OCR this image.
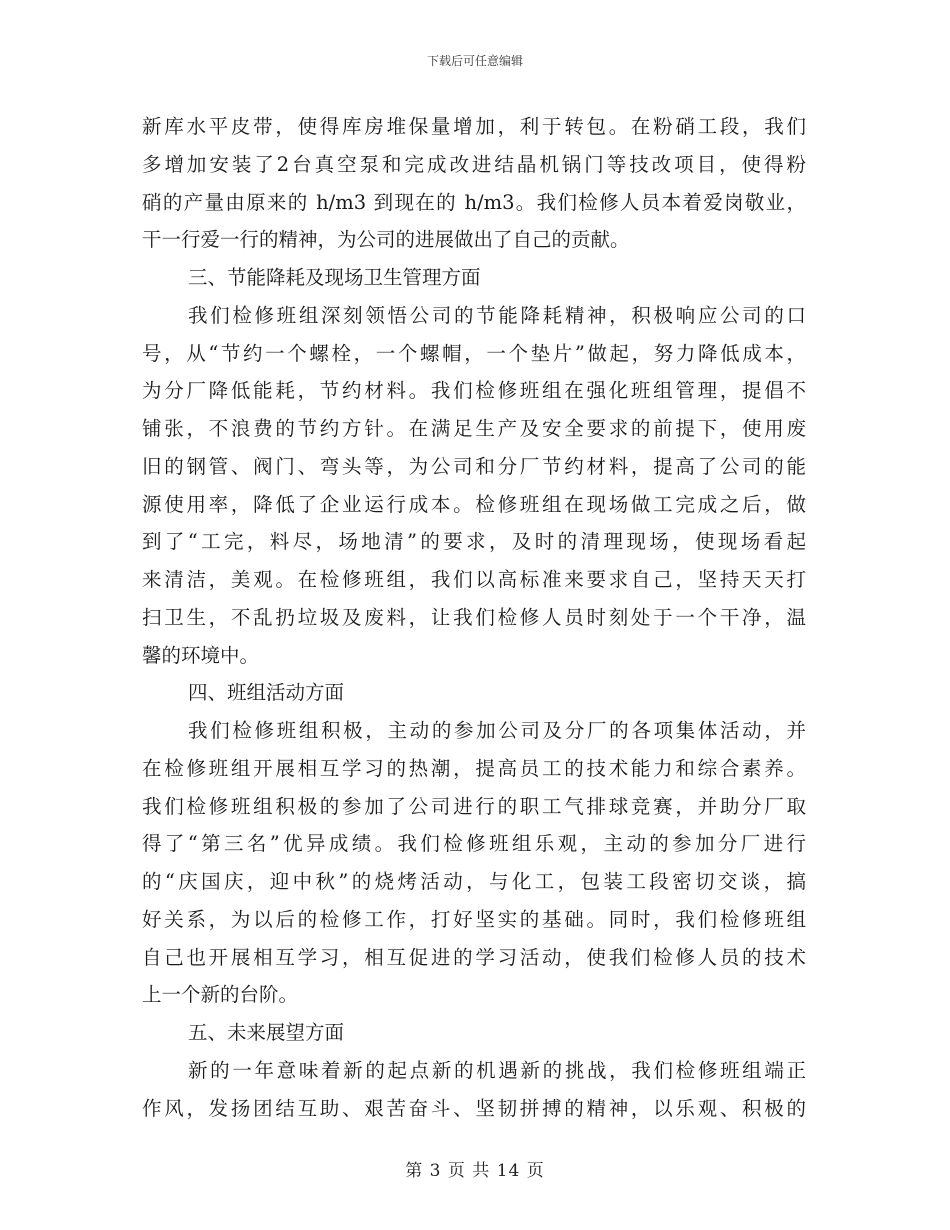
下载后可任意编辑
新库水平皮带，使得库房堆保量增加，利于转包。在粉硝工段，我们
多增加安装了2台真空泵和完成改进结晶机锅门等技改项目，使得粉
硝的产量由原来的 h/m3 到现在的 h/m3。我们检修人员本着爱岗敬业，
干一行爱一行的精神，为公司的进展做出了自己的贡献。
三、节能降耗及现场卫生管理方面
我们检修班组深刻领悟公司的节能降耗精神，积极响应公司的口
号，从“节约一个螺栓，一个螺帽，一个垫片”做起，努力降低成本，
为分厂降低能耗，节约材料。我们检修班组在强化班组管理，提倡不
铺张，不浪费的节约方针。在满足生产及安全要求的前提下，使用废
旧的钢管、阀门、弯头等，为公司和分厂节约材料，提高了公司的能
源使用率，降低了企业运行成本。检修班组在现场做工完成之后，做
到了“工完，料尽，场地清”的要求，及时的清理现场，使现场看起
来清洁，美观。在检修班组，我们以高标准来要求自己，坚持天天打
扫卫生，不乱扔垃圾及废料，让我们检修人员时刻处于一个干净，温
馨的环境中。
四、班组活动方面
我们检修班组积极，主动的参加公司及分厂的各项集体活动，并
在检修班组开展相互学习的热潮，提高员工的技术能力和综合素养。
我们检修班组积极的参加了公司进行的职工气排球竞赛，并助分厂取
得了“第三名”优异成绩。我们检修班组乐观，主动的参加分厂进行
的“庆国庆，迎中秋”的烧烤活动，与化工，包装工段密切交谈，搞
好关系，为以后的检修工作，打好坚实的基础。同时，我们检修班组
自己也开展相互学习，相互促进的学习活动，使我们检修人员的技术
上一个新的台阶。
五、未来展望方面
新的一年意味着新的起点新的机遇新的挑战，我们检修班组端正
作风，发扬团结互助、艰苦奋斗、坚韧拼搏的精神，以乐观、积极的
第 3 页 共 14 页
